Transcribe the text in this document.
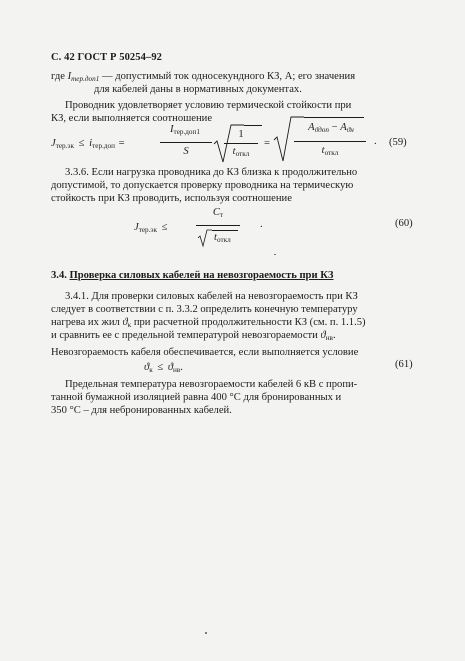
С. 42 ГОСТ Р 50254–92
где Iтер.доп1 — допустимый ток односекундного КЗ, А; его значения
для кабелей даны в нормативных документах.
Проводник удовлетворяет условию термической стойкости при
КЗ, если выполняется соотношение
Jтер.эк ≤ iтер.доп =
Iтер.доп1
S
1
tоткл
=
Aϑдоп − Aϑн
tоткл
. (59)
3.3.6. Если нагрузка проводника до КЗ близка к продолжительно
допустимой, то допускается проверку проводника на термическую
стойкость при КЗ проводить, используя соотношение
Jтер.эк ≤
Cт
tоткл
.	(60)
3.4. Проверка силовых кабелей на невозгораемость при КЗ
3.4.1. Для проверки силовых кабелей на невозгораемость при КЗ
следует в соответствии с п. 3.3.2 определить конечную температуру
нагрева их жил ϑк при расчетной продолжительности КЗ (см. п. 1.1.5)
и сравнить ее с предельной температурой невозгораемости ϑнв.
Невозгораемость кабеля обеспечивается, если выполняется условие
ϑк ≤ ϑнв.	(61)
Предельная температура невозгораемости кабелей 6 кВ с пропи-
танной бумажной изоляцией равна 400 °С для бронированных и
350 °С – для небронированных кабелей.
